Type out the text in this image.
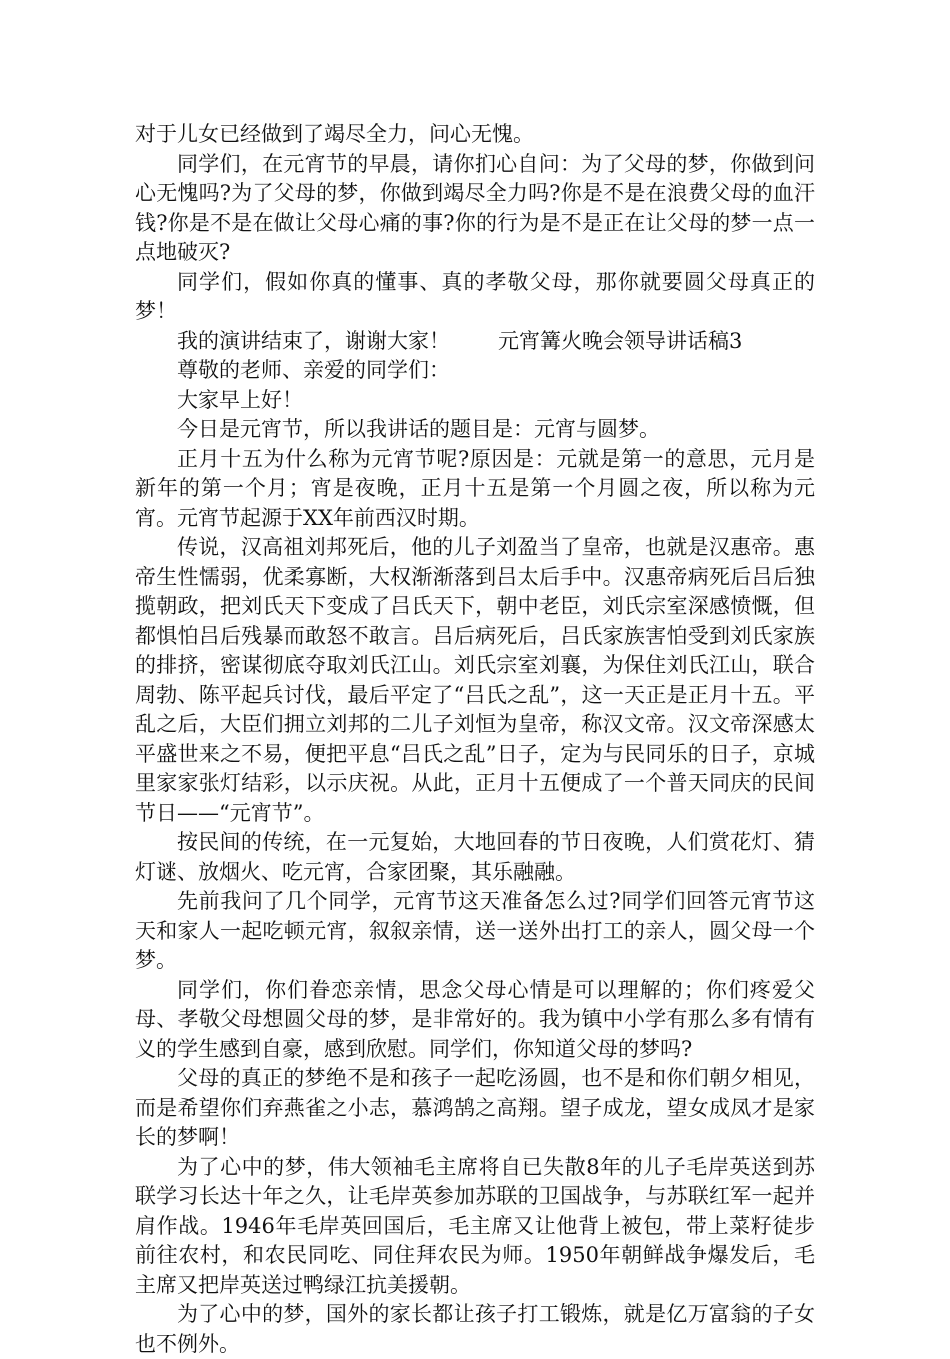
对于儿女已经做到了竭尽全力，问心无愧。

同学们，在元宵节的早晨，请你扪心自问：为了父母的梦，你做到问心无愧吗?为了父母的梦，你做到竭尽全力吗?你是不是在浪费父母的血汗钱?你是不是在做让父母心痛的事?你的行为是不是正在让父母的梦一点一点地破灭?

同学们，假如你真的懂事、真的孝敬父母，那你就要圆父母真正的梦！

我的演讲结束了，谢谢大家！ 元宵篝火晚会领导讲话稿3

尊敬的老师、亲爱的同学们：

大家早上好！

今日是元宵节，所以我讲话的题目是：元宵与圆梦。

正月十五为什么称为元宵节呢?原因是：元就是第一的意思，元月是新年的第一个月；宵是夜晚，正月十五是第一个月圆之夜，所以称为元宵。元宵节起源于XX年前西汉时期。

传说，汉高祖刘邦死后，他的儿子刘盈当了皇帝，也就是汉惠帝。惠帝生性懦弱，优柔寡断，大权渐渐落到吕太后手中。汉惠帝病死后吕后独揽朝政，把刘氏天下变成了吕氏天下，朝中老臣，刘氏宗室深感愤慨，但都惧怕吕后残暴而敢怒不敢言。吕后病死后，吕氏家族害怕受到刘氏家族的排挤，密谋彻底夺取刘氏江山。刘氏宗室刘襄，为保住刘氏江山，联合周勃、陈平起兵讨伐，最后平定了“吕氏之乱”，这一天正是正月十五。平乱之后，大臣们拥立刘邦的二儿子刘恒为皇帝，称汉文帝。汉文帝深感太平盛世来之不易，便把平息“吕氏之乱”日子，定为与民同乐的日子，京城里家家张灯结彩，以示庆祝。从此，正月十五便成了一个普天同庆的民间节日——“元宵节”。

按民间的传统，在一元复始，大地回春的节日夜晚，人们赏花灯、猜灯谜、放烟火、吃元宵，合家团聚，其乐融融。

先前我问了几个同学，元宵节这天准备怎么过?同学们回答元宵节这天和家人一起吃顿元宵，叙叙亲情，送一送外出打工的亲人，圆父母一个梦。

同学们，你们眷恋亲情，思念父母心情是可以理解的；你们疼爱父母、孝敬父母想圆父母的梦，是非常好的。我为镇中小学有那么多有情有义的学生感到自豪，感到欣慰。同学们，你知道父母的梦吗?

父母的真正的梦绝不是和孩子一起吃汤圆，也不是和你们朝夕相见，而是希望你们弃燕雀之小志，慕鸿鹄之高翔。望子成龙，望女成凤才是家长的梦啊！

为了心中的梦，伟大领袖毛主席将自已失散8年的儿子毛岸英送到苏联学习长达十年之久，让毛岸英参加苏联的卫国战争，与苏联红军一起并肩作战。1946年毛岸英回国后，毛主席又让他背上被包，带上菜籽徒步前往农村，和农民同吃、同住拜农民为师。1950年朝鲜战争爆发后，毛主席又把岸英送过鸭绿江抗美援朝。

为了心中的梦，国外的家长都让孩子打工锻炼，就是亿万富翁的子女也不例外。
